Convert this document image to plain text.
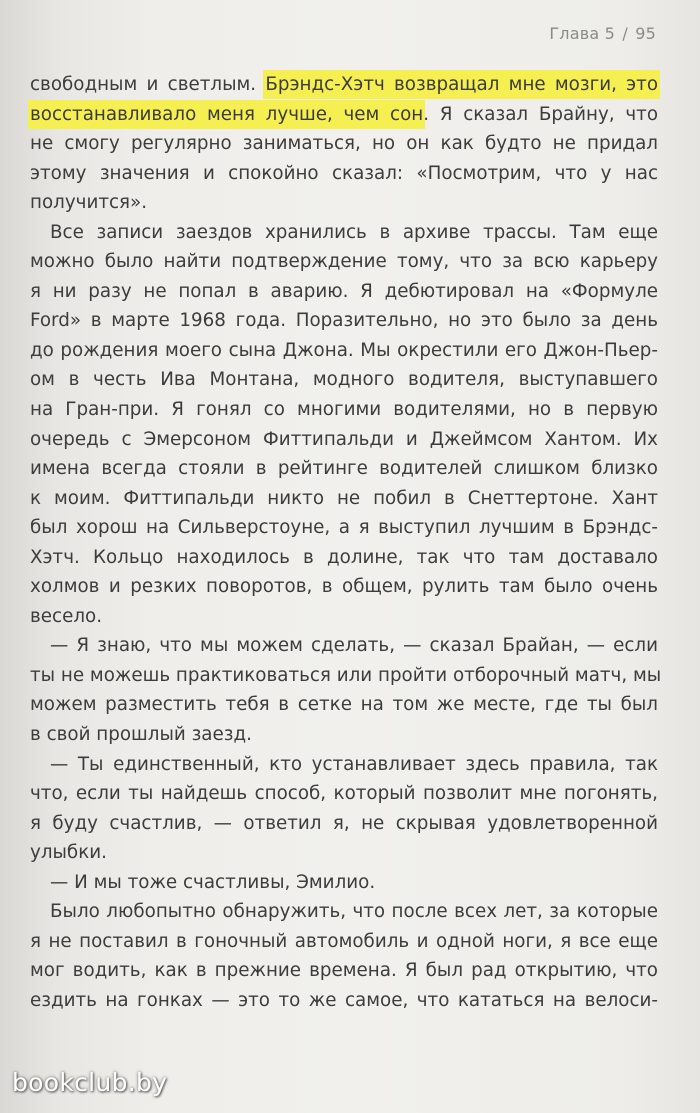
Глава 5 / 95
свободным и светлым. Брэндс-Хэтч возвращал мне мозги, это
восстанавливало меня лучше, чем сон. Я сказал Брайну, что
не смогу регулярно заниматься, но он как будто не придал
этому значения и спокойно сказал: «Посмотрим, что у нас
получится».
Все записи заездов хранились в архиве трассы. Там еще
можно было найти подтверждение тому, что за всю карьеру
я ни разу не попал в аварию. Я дебютировал на «Формуле
Ford» в марте 1968 года. Поразительно, но это было за день
до рождения моего сына Джона. Мы окрестили его Джон-Пьер-
ом в честь Ива Монтана, модного водителя, выступавшего
на Гран-при. Я гонял со многими водителями, но в первую
очередь с Эмерсоном Фиттипальди и Джеймсом Хантом. Их
имена всегда стояли в рейтинге водителей слишком близко
к моим. Фиттипальди никто не побил в Снеттертоне. Хант
был хорош на Сильверстоуне, а я выступил лучшим в Брэндс-
Хэтч. Кольцо находилось в долине, так что там доставало
холмов и резких поворотов, в общем, рулить там было очень
весело.
— Я знаю, что мы можем сделать, — сказал Брайан, — если
ты не можешь практиковаться или пройти отборочный матч, мы
можем разместить тебя в сетке на том же месте, где ты был
в свой прошлый заезд.
— Ты единственный, кто устанавливает здесь правила, так
что, если ты найдешь способ, который позволит мне погонять,
я буду счастлив, — ответил я, не скрывая удовлетворенной
улыбки.
— И мы тоже счастливы, Эмилио.
Было любопытно обнаружить, что после всех лет, за которые
я не поставил в гоночный автомобиль и одной ноги, я все еще
мог водить, как в прежние времена. Я был рад открытию, что
ездить на гонках — это то же самое, что кататься на велоси-
bookclub.by
